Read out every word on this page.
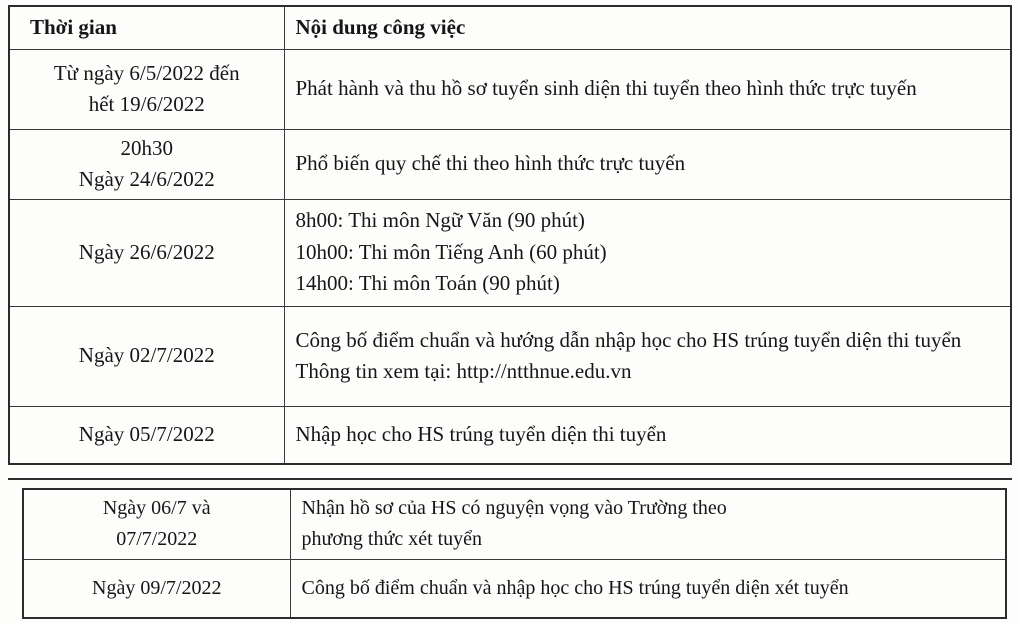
Thời gian	Nội dung công việc

Từ ngày 6/5/2022 đến
hết 19/6/2022	Phát hành và thu hồ sơ tuyển sinh diện thi tuyển theo hình thức trực tuyến

20h30
Ngày 24/6/2022	Phổ biến quy chế thi theo hình thức trực tuyến

Ngày 26/6/2022	8h00: Thi môn Ngữ Văn (90 phút)
10h00: Thi môn Tiếng Anh (60 phút)
14h00: Thi môn Toán (90 phút)

Ngày 02/7/2022	Công bố điểm chuẩn và hướng dẫn nhập học cho HS trúng tuyển diện thi tuyển
Thông tin xem tại: http://ntthnue.edu.vn

Ngày 05/7/2022	Nhập học cho HS trúng tuyển diện thi tuyển
Ngày 06/7 và
07/7/2022	Nhận hồ sơ của HS có nguyện vọng vào Trường theo
phương thức xét tuyển

Ngày 09/7/2022	Công bố điểm chuẩn và nhập học cho HS trúng tuyển diện xét tuyển
